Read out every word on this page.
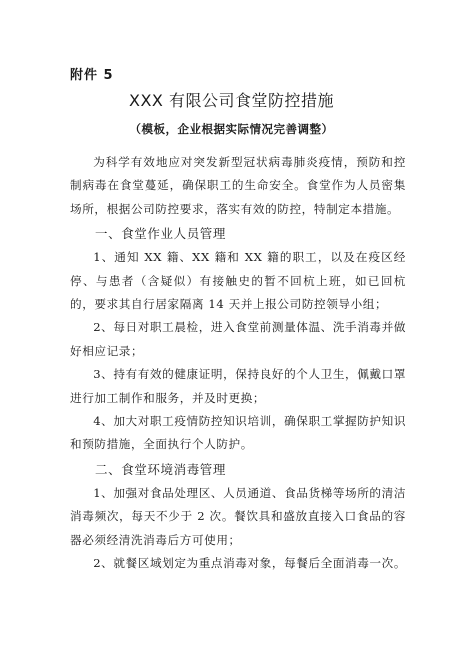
附件 5
XXX 有限公司食堂防控措施
（模板，企业根据实际情况完善调整）

为科学有效地应对突发新型冠状病毒肺炎疫情，预防和控制病毒在食堂蔓延，确保职工的生命安全。食堂作为人员密集场所，根据公司防控要求，落实有效的防控，特制定本措施。

一、食堂作业人员管理

1、通知 XX 籍、XX 籍和 XX 籍的职工，以及在疫区经停、与患者（含疑似）有接触史的暂不回杭上班，如已回杭的，要求其自行居家隔离 14 天并上报公司防控领导小组；

2、每日对职工晨检，进入食堂前测量体温、洗手消毒并做好相应记录；

3、持有有效的健康证明，保持良好的个人卫生，佩戴口罩进行加工制作和服务，并及时更换；

4、加大对职工疫情防控知识培训，确保职工掌握防护知识和预防措施，全面执行个人防护。

二、食堂环境消毒管理

1、加强对食品处理区、人员通道、食品货梯等场所的清洁消毒频次，每天不少于 2 次。餐饮具和盛放直接入口食品的容器必须经清洗消毒后方可使用；

2、就餐区域划定为重点消毒对象，每餐后全面消毒一次。
